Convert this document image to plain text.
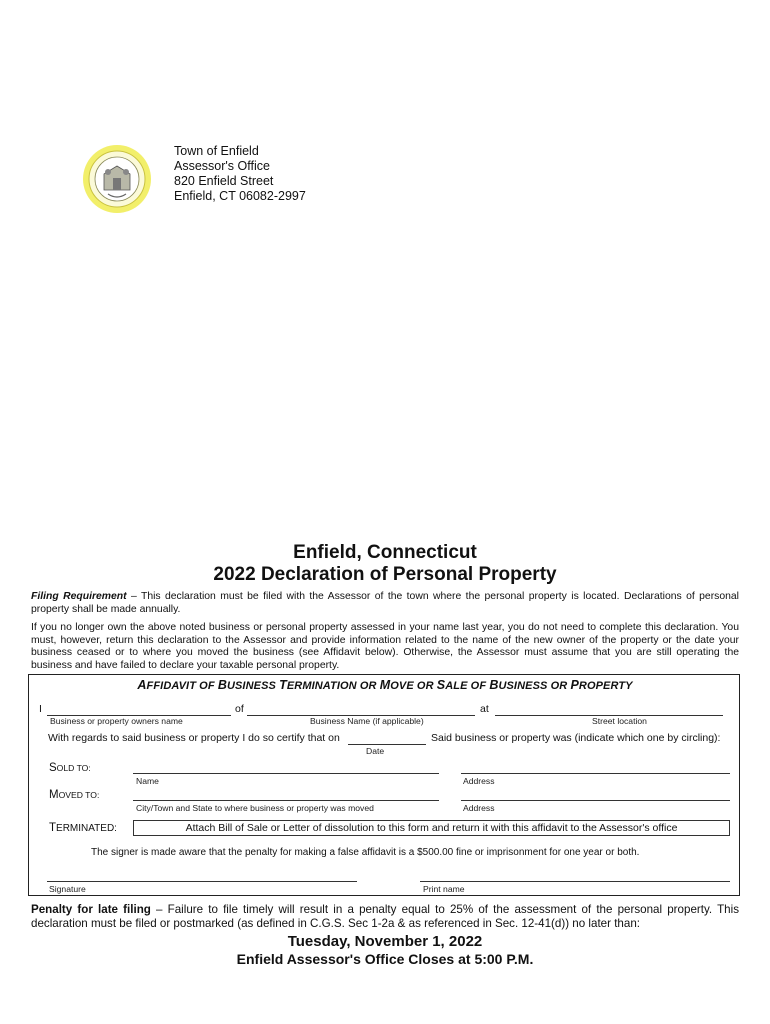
Town of Enfield
Assessor's Office
820 Enfield Street
Enfield, CT 06082-2997
Enfield, Connecticut
2022 Declaration of Personal Property
Filing Requirement – This declaration must be filed with the Assessor of the town where the personal property is located. Declarations of personal property shall be made annually.
If you no longer own the above noted business or personal property assessed in your name last year, you do not need to complete this declaration. You must, however, return this declaration to the Assessor and provide information related to the name of the new owner of the property or the date your business ceased or to where you moved the business (see Affidavit below). Otherwise, the Assessor must assume that you are still operating the business and have failed to declare your taxable personal property.
AFFIDAVIT OF BUSINESS TERMINATION OR MOVE OR SALE OF BUSINESS OR PROPERTY
I	of	at
Business or property owners name	Business Name (if applicable)	Street location
With regards to said business or property I do so certify that on	Said business or property was (indicate which one by circling):
Date
SOLD TO:
Name	Address
MOVED TO:
City/Town and State to where business or property was moved	Address
TERMINATED:	Attach Bill of Sale or Letter of dissolution to this form and return it with this affidavit to the Assessor's office
The signer is made aware that the penalty for making a false affidavit is a $500.00 fine or imprisonment for one year or both.
Signature	Print name
Penalty for late filing – Failure to file timely will result in a penalty equal to 25% of the assessment of the personal property. This declaration must be filed or postmarked (as defined in C.G.S. Sec 1-2a & as referenced in Sec. 12-41(d)) no later than:
Tuesday, November 1, 2022
Enfield Assessor's Office Closes at 5:00 P.M.
